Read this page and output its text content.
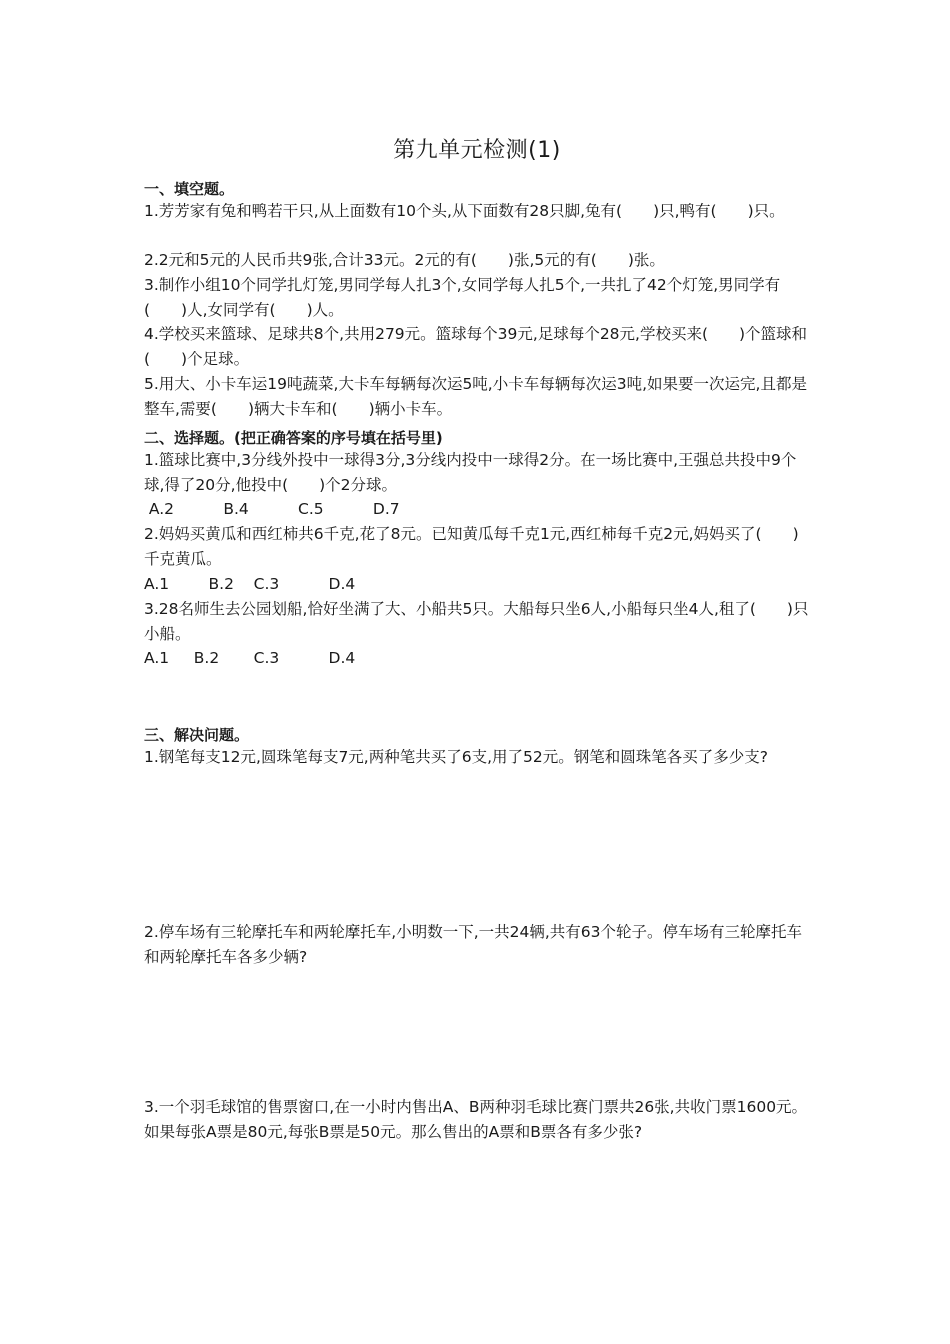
第九单元检测(1)
一、填空题。
1.芳芳家有兔和鸭若干只,从上面数有10个头,从下面数有28只脚,兔有(　　)只,鸭有(　　)只。
2.2元和5元的人民币共9张,合计33元。2元的有(　　)张,5元的有(　　)张。
3.制作小组10个同学扎灯笼,男同学每人扎3个,女同学每人扎5个,一共扎了42个灯笼,男同学有(　　)人,女同学有(　　)人。
4.学校买来篮球、足球共8个,共用279元。篮球每个39元,足球每个28元,学校买来(　　)个篮球和(　　)个足球。
5.用大、小卡车运19吨蔬菜,大卡车每辆每次运5吨,小卡车每辆每次运3吨,如果要一次运完,且都是整车,需要(　　)辆大卡车和(　　)辆小卡车。
二、选择题。(把正确答案的序号填在括号里)
1.篮球比赛中,3分线外投中一球得3分,3分线内投中一球得2分。在一场比赛中,王强总共投中9个球,得了20分,他投中(　　)个2分球。
A.2          B.4          C.5          D.7
2.妈妈买黄瓜和西红柿共6千克,花了8元。已知黄瓜每千克1元,西红柿每千克2元,妈妈买了(　　)千克黄瓜。
A.1        B.2    C.3          D.4
3.28名师生去公园划船,恰好坐满了大、小船共5只。大船每只坐6人,小船每只坐4人,租了(　　)只小船。
A.1     B.2       C.3          D.4
三、解决问题。
1.钢笔每支12元,圆珠笔每支7元,两种笔共买了6支,用了52元。钢笔和圆珠笔各买了多少支?
2.停车场有三轮摩托车和两轮摩托车,小明数一下,一共24辆,共有63个轮子。停车场有三轮摩托车和两轮摩托车各多少辆?
3.一个羽毛球馆的售票窗口,在一小时内售出A、B两种羽毛球比赛门票共26张,共收门票1600元。如果每张A票是80元,每张B票是50元。那么售出的A票和B票各有多少张?
